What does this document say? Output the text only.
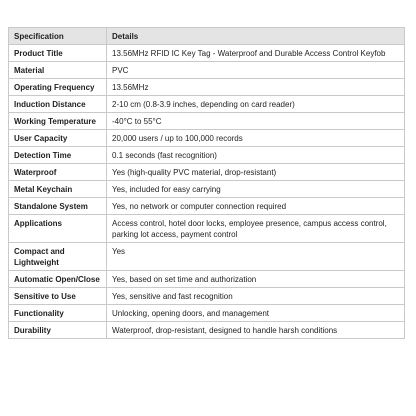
Specification	Details
Product Title	13.56MHz RFID IC Key Tag - Waterproof and Durable Access Control Keyfob
Material	PVC
Operating Frequency	13.56MHz
Induction Distance	2-10 cm (0.8-3.9 inches, depending on card reader)
Working Temperature	-40°C to 55°C
User Capacity	20,000 users / up to 100,000 records
Detection Time	0.1 seconds (fast recognition)
Waterproof	Yes (high-quality PVC material, drop-resistant)
Metal Keychain	Yes, included for easy carrying
Standalone System	Yes, no network or computer connection required
Applications	Access control, hotel door locks, employee presence, campus access control, parking lot access, payment control
Compact and Lightweight	Yes
Automatic Open/Close	Yes, based on set time and authorization
Sensitive to Use	Yes, sensitive and fast recognition
Functionality	Unlocking, opening doors, and management
Durability	Waterproof, drop-resistant, designed to handle harsh conditions
